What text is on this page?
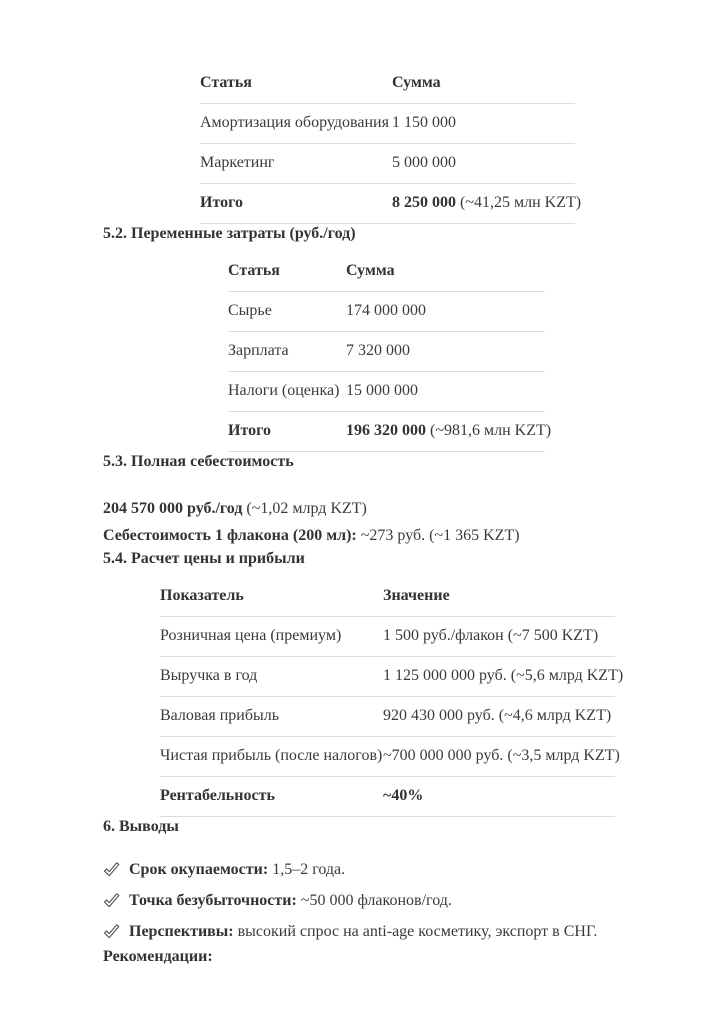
Статья	Сумма
Амортизация оборудования	1 150 000
Маркетинг	5 000 000
Итого	8 250 000 (~41,25 млн KZT)
5.2. Переменные затраты (руб./год)
Статья	Сумма
Сырье	174 000 000
Зарплата	7 320 000
Налоги (оценка)	15 000 000
Итого	196 320 000 (~981,6 млн KZT)
5.3. Полная себестоимость

204 570 000 руб./год (~1,02 млрд KZT)

Себестоимость 1 флакона (200 мл): ~273 руб. (~1 365 KZT)

5.4. Расчет цены и прибыли
Показатель	Значение
Розничная цена (премиум)	1 500 руб./флакон (~7 500 KZT)
Выручка в год	1 125 000 000 руб. (~5,6 млрд KZT)
Валовая прибыль	920 430 000 руб. (~4,6 млрд KZT)
Чистая прибыль (после налогов)	~700 000 000 руб. (~3,5 млрд KZT)
Рентабельность	~40%
6. Выводы
Срок окупаемости: 1,5–2 года.
Точка безубыточности: ~50 000 флаконов/год.
Перспективы: высокий спрос на anti-age косметику, экспорт в СНГ.
Рекомендации:
